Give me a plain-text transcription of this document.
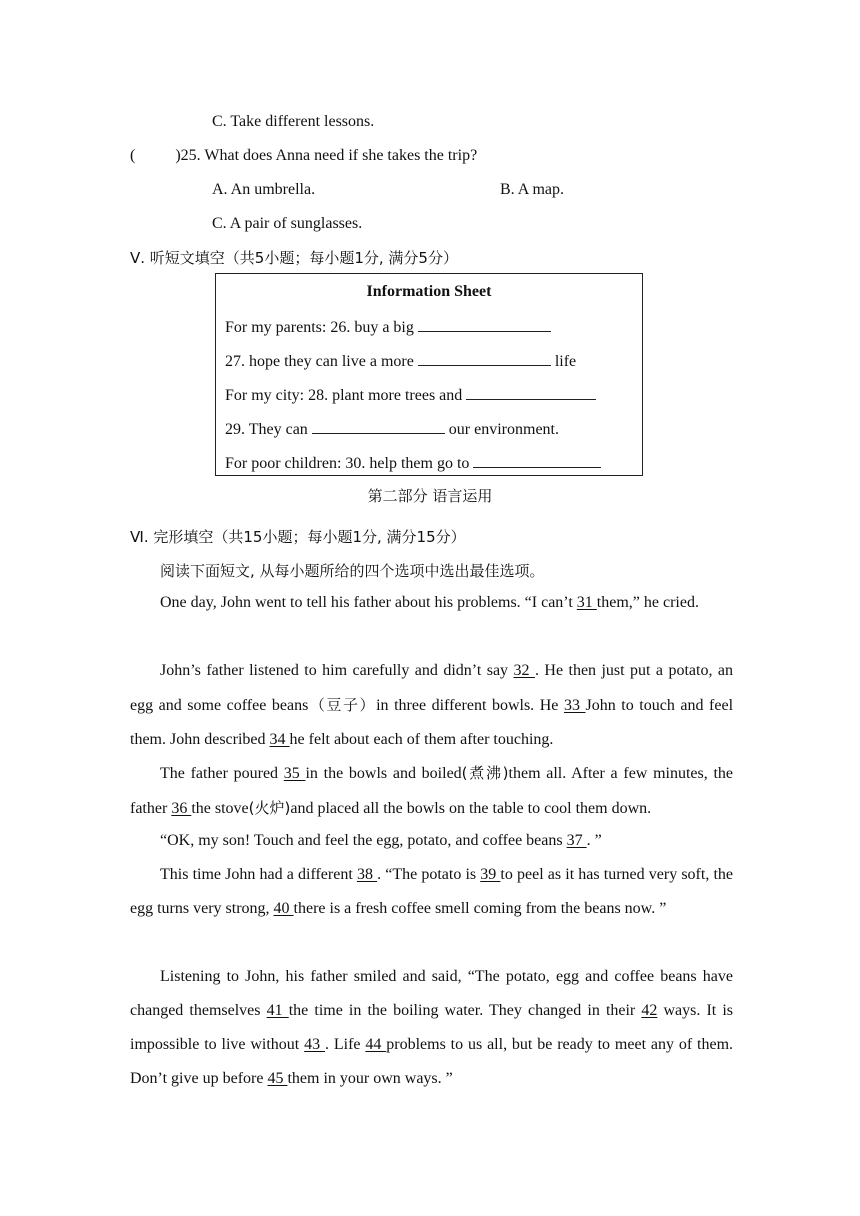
C. Take different lessons.
(          )25. What does Anna need if she takes the trip?
A. An umbrella.	B. A map.
C. A pair of sunglasses.
Ⅴ. 听短文填空（共5小题；每小题1分, 满分5分）
Information Sheet
For my parents: 26. buy a big
27. hope they can live a more	life
For my city: 28. plant more trees and
29. They can	our environment.
For poor children: 30. help them go to
第二部分 语言运用
Ⅵ. 完形填空（共15小题；每小题1分, 满分15分）
阅读下面短文, 从每小题所给的四个选项中选出最佳选项。
One day, John went to tell his father about his problems. “I can’t 31 them,” he cried.
John’s father listened to him carefully and didn’t say 32 . He then just put a potato, an egg and some coffee beans（豆子）in three different bowls. He 33 John to touch and feel them. John described 34 he felt about each of them after touching.
The father poured 35 in the bowls and boiled(煮沸)them all. After a few minutes, the father 36 the stove(火炉)and placed all the bowls on the table to cool them down.
“OK, my son! Touch and feel the egg, potato, and coffee beans 37 . ”
This time John had a different 38 . “The potato is 39 to peel as it has turned very soft, the egg turns very strong, 40 there is a fresh coffee smell coming from the beans now. ”
Listening to John, his father smiled and said, “The potato, egg and coffee beans have changed themselves 41 the time in the boiling water. They changed in their 42 ways. It is impossible to live without 43 . Life 44 problems to us all, but be ready to meet any of them. Don’t give up before 45 them in your own ways. ”
